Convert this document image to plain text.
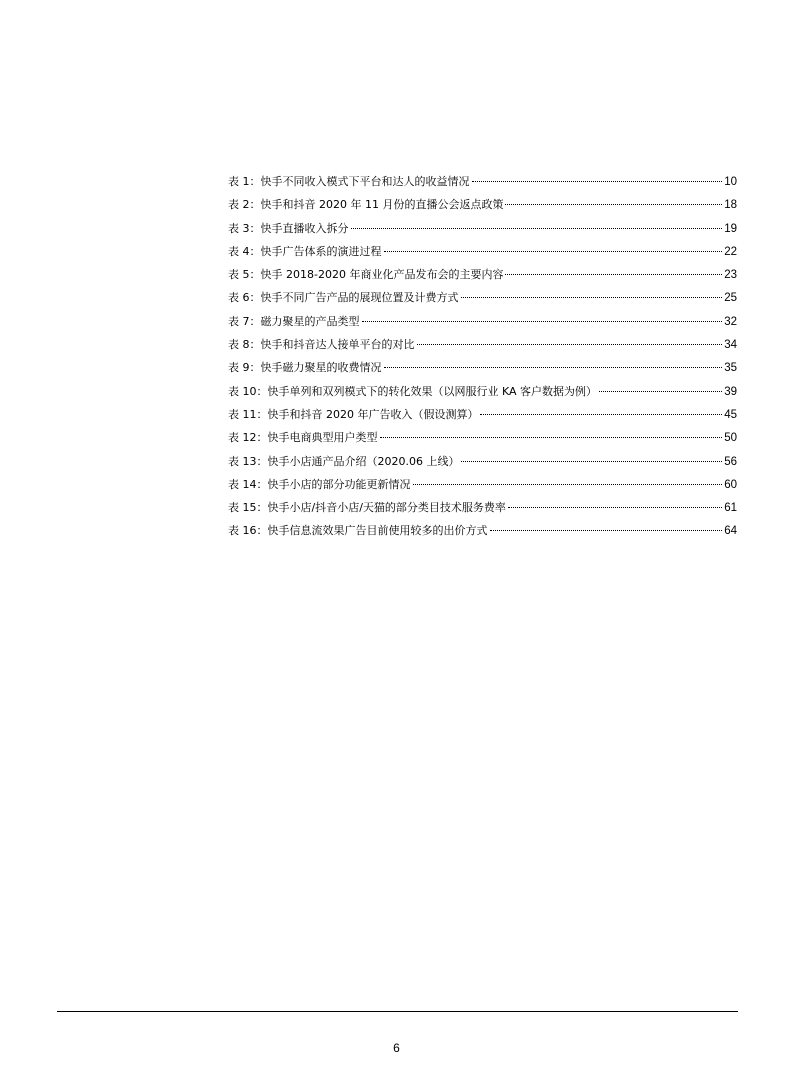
表 1：快手不同收入模式下平台和达人的收益情况	10
表 2：快手和抖音 2020 年 11 月份的直播公会返点政策	18
表 3：快手直播收入拆分	19
表 4：快手广告体系的演进过程	22
表 5：快手 2018-2020 年商业化产品发布会的主要内容	23
表 6：快手不同广告产品的展现位置及计费方式	25
表 7：磁力聚星的产品类型	32
表 8：快手和抖音达人接单平台的对比	34
表 9：快手磁力聚星的收费情况	35
表 10：快手单列和双列模式下的转化效果（以网服行业 KA 客户数据为例）	39
表 11：快手和抖音 2020 年广告收入（假设测算）	45
表 12：快手电商典型用户类型	50
表 13：快手小店通产品介绍（2020.06 上线）	56
表 14：快手小店的部分功能更新情况	60
表 15：快手小店/抖音小店/天猫的部分类目技术服务费率	61
表 16：快手信息流效果广告目前使用较多的出价方式	64
6
